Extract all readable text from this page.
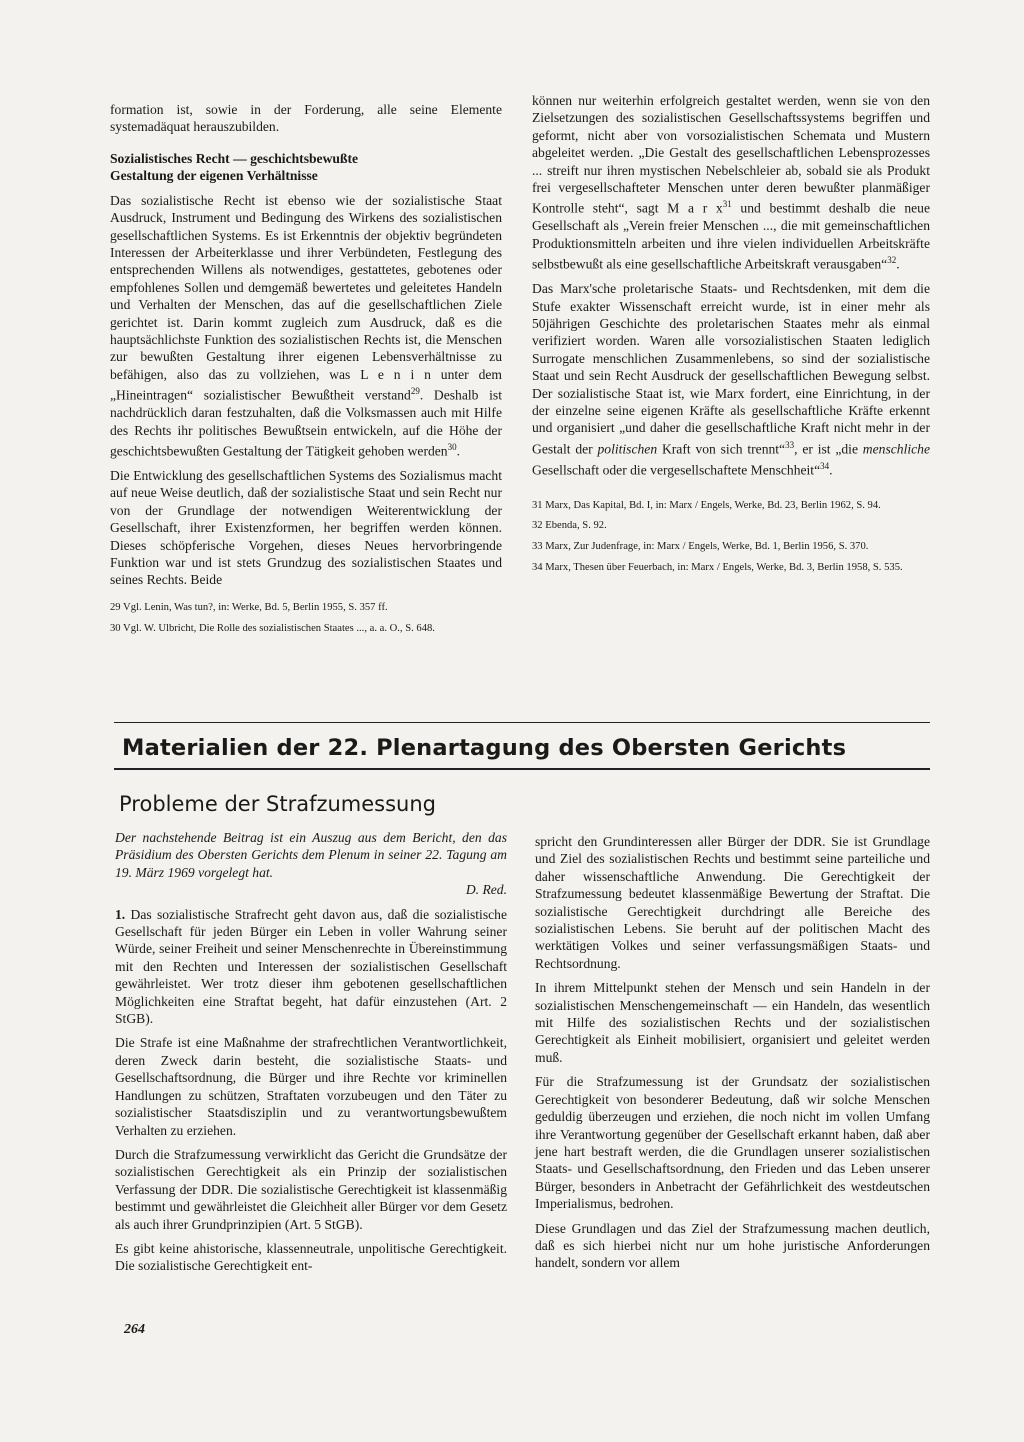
formation ist, sowie in der Forderung, alle seine Elemente systemadäquat herauszubilden.

Sozialistisches Recht — geschichtsbewußte
Gestaltung der eigenen Verhältnisse

Das sozialistische Recht ist ebenso wie der sozialistische Staat Ausdruck, Instrument und Bedingung des Wirkens des sozialistischen gesellschaftlichen Systems. Es ist Erkenntnis der objektiv begründeten Interessen der Arbeiterklasse und ihrer Verbündeten, Festlegung des entsprechenden Willens als notwendiges, gestattetes, gebotenes oder empfohlenes Sollen und demgemäß bewertetes und geleitetes Handeln und Verhalten der Menschen, das auf die gesellschaftlichen Ziele gerichtet ist. Darin kommt zugleich zum Ausdruck, daß es die hauptsächlichste Funktion des sozialistischen Rechts ist, die Menschen zur bewußten Gestaltung ihrer eigenen Lebensverhältnisse zu befähigen, also das zu vollziehen, was L e n i n unter dem „Hineintragen“ sozialistischer Bewußtheit verstand$^{29}$. Deshalb ist nachdrücklich daran festzuhalten, daß die Volksmassen auch mit Hilfe des Rechts ihr politisches Bewußtsein entwickeln, auf die Höhe der geschichtsbewußten Gestaltung der Tätigkeit gehoben werden$^{30}$.

Die Entwicklung des gesellschaftlichen Systems des Sozialismus macht auf neue Weise deutlich, daß der sozialistische Staat und sein Recht nur von der Grundlage der notwendigen Weiterentwicklung der Gesellschaft, ihrer Existenzformen, her begriffen werden können. Dieses schöpferische Vorgehen, dieses Neues hervorbringende Funktion war und ist stets Grundzug des sozialistischen Staates und seines Rechts. Beide

29 Vgl. Lenin, Was tun?, in: Werke, Bd. 5, Berlin 1955, S. 357 ff.

30 Vgl. W. Ulbricht, Die Rolle des sozialistischen Staates ..., a. a. O., S. 648.

können nur weiterhin erfolgreich gestaltet werden, wenn sie von den Zielsetzungen des sozialistischen Gesellschaftssystems begriffen und geformt, nicht aber von vorsozialistischen Schemata und Mustern abgeleitet werden. „Die Gestalt des gesellschaftlichen Lebensprozesses ... streift nur ihren mystischen Nebelschleier ab, sobald sie als Produkt frei vergesellschafteter Menschen unter deren bewußter planmäßiger Kontrolle steht“, sagt M a r $x^{31}$ und bestimmt deshalb die neue Gesellschaft als „Verein freier Menschen ..., die mit gemeinschaftlichen Produktionsmitteln arbeiten und ihre vielen individuellen Arbeitskräfte selbstbewußt als eine gesellschaftliche Arbeitskraft verausgaben“$^{32}$.

Das Marx'sche proletarische Staats- und Rechtsdenken, mit dem die Stufe exakter Wissenschaft erreicht wurde, ist in einer mehr als 50jährigen Geschichte des proletarischen Staates mehr als einmal verifiziert worden. Waren alle vorsozialistischen Staaten lediglich Surrogate menschlichen Zusammenlebens, so sind der sozialistische Staat und sein Recht Ausdruck der gesellschaftlichen Bewegung selbst. Der sozialistische Staat ist, wie Marx fordert, eine Einrichtung, in der der einzelne seine eigenen Kräfte als gesellschaftliche Kräfte erkennt und organisiert „und daher die gesellschaftliche Kraft nicht mehr in der Gestalt der politischen Kraft von sich trennt“$^{33}$, er ist „die menschliche Gesellschaft oder die vergesellschaftete Menschheit“$^{34}$.

31 Marx, Das Kapital, Bd. I, in: Marx / Engels, Werke, Bd. 23, Berlin 1962, S. 94.

32 Ebenda, S. 92.

33 Marx, Zur Judenfrage, in: Marx / Engels, Werke, Bd. 1, Berlin 1956, S. 370.

34 Marx, Thesen über Feuerbach, in: Marx / Engels, Werke, Bd. 3, Berlin 1958, S. 535.

Materialien der 22. Plenartagung des Obersten Gerichts
Probleme der Strafzumessung

Der nachstehende Beitrag ist ein Auszug aus dem Bericht, den das Präsidium des Obersten Gerichts dem Plenum in seiner 22. Tagung am 19. März 1969 vorgelegt hat.
D. Red.

1. Das sozialistische Strafrecht geht davon aus, daß die sozialistische Gesellschaft für jeden Bürger ein Leben in voller Wahrung seiner Würde, seiner Freiheit und seiner Menschenrechte in Übereinstimmung mit den Rechten und Interessen der sozialistischen Gesellschaft gewährleistet. Wer trotz dieser ihm gebotenen gesellschaftlichen Möglichkeiten eine Straftat begeht, hat dafür einzustehen (Art. 2 StGB).

Die Strafe ist eine Maßnahme der strafrechtlichen Verantwortlichkeit, deren Zweck darin besteht, die sozialistische Staats- und Gesellschaftsordnung, die Bürger und ihre Rechte vor kriminellen Handlungen zu schützen, Straftaten vorzubeugen und den Täter zu sozialistischer Staatsdisziplin und zu verantwortungsbewußtem Verhalten zu erziehen.

Durch die Strafzumessung verwirklicht das Gericht die Grundsätze der sozialistischen Gerechtigkeit als ein Prinzip der sozialistischen Verfassung der DDR. Die sozialistische Gerechtigkeit ist klassenmäßig bestimmt und gewährleistet die Gleichheit aller Bürger vor dem Gesetz als auch ihrer Grundprinzipien (Art. 5 StGB).

Es gibt keine ahistorische, klassenneutrale, unpolitische Gerechtigkeit. Die sozialistische Gerechtigkeit ent-

spricht den Grundinteressen aller Bürger der DDR. Sie ist Grundlage und Ziel des sozialistischen Rechts und bestimmt seine parteiliche und daher wissenschaftliche Anwendung. Die Gerechtigkeit der Strafzumessung bedeutet klassenmäßige Bewertung der Straftat. Die sozialistische Gerechtigkeit durchdringt alle Bereiche des sozialistischen Lebens. Sie beruht auf der politischen Macht des werktätigen Volkes und seiner verfassungsmäßigen Staats- und Rechtsordnung.

In ihrem Mittelpunkt stehen der Mensch und sein Handeln in der sozialistischen Menschengemeinschaft — ein Handeln, das wesentlich mit Hilfe des sozialistischen Rechts und der sozialistischen Gerechtigkeit als Einheit mobilisiert, organisiert und geleitet werden muß.

Für die Strafzumessung ist der Grundsatz der sozialistischen Gerechtigkeit von besonderer Bedeutung, daß wir solche Menschen geduldig überzeugen und erziehen, die noch nicht im vollen Umfang ihre Verantwortung gegenüber der Gesellschaft erkannt haben, daß aber jene hart bestraft werden, die die Grundlagen unserer sozialistischen Staats- und Gesellschaftsordnung, den Frieden und das Leben unserer Bürger, besonders in Anbetracht der Gefährlichkeit des westdeutschen Imperialismus, bedrohen.

Diese Grundlagen und das Ziel der Strafzumessung machen deutlich, daß es sich hierbei nicht nur um hohe juristische Anforderungen handelt, sondern vor allem

264
